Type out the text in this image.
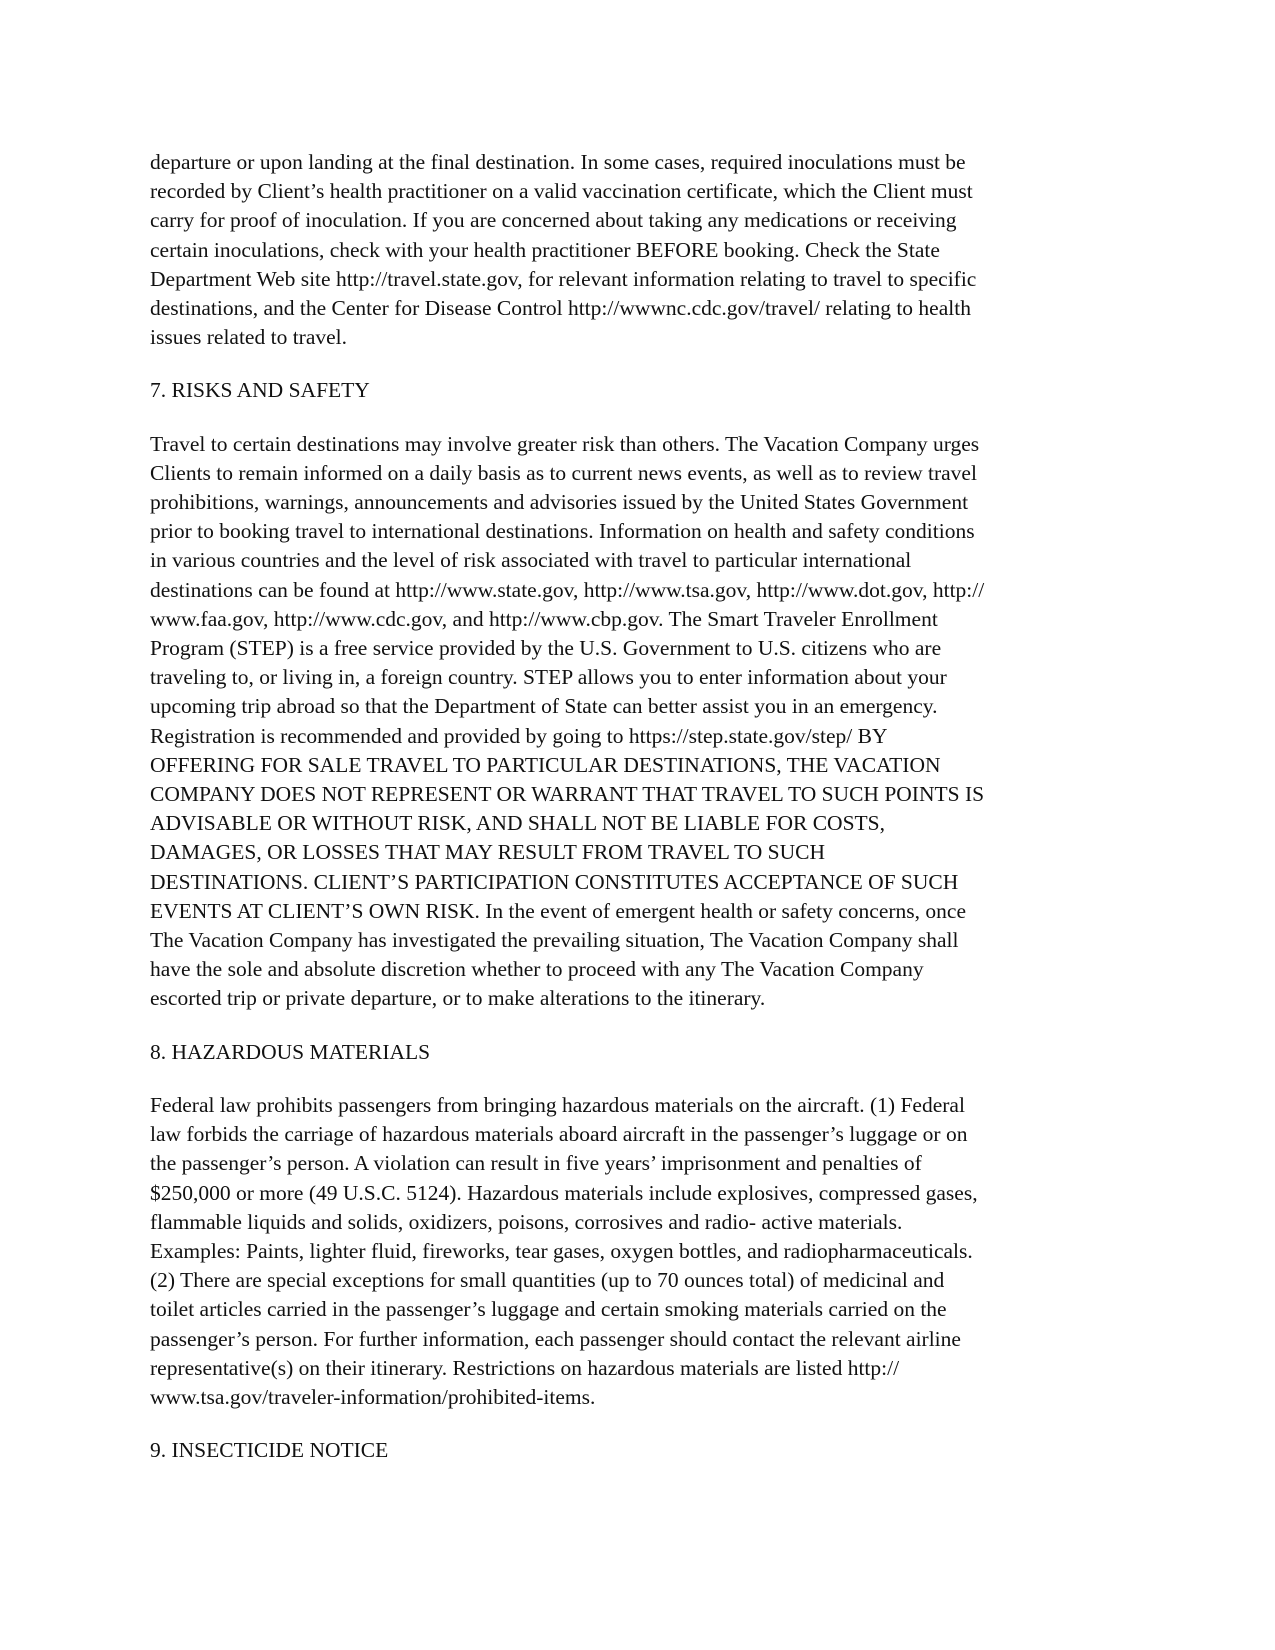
departure or upon landing at the final destination. In some cases, required inoculations must be
recorded by Client’s health practitioner on a valid vaccination certificate, which the Client must
carry for proof of inoculation. If you are concerned about taking any medications or receiving
certain inoculations, check with your health practitioner BEFORE booking. Check the State
Department Web site http://travel.state.gov, for relevant information relating to travel to specific
destinations, and the Center for Disease Control http://wwwnc.cdc.gov/travel/ relating to health
issues related to travel.
7. RISKS AND SAFETY
Travel to certain destinations may involve greater risk than others. The Vacation Company urges
Clients to remain informed on a daily basis as to current news events, as well as to review travel
prohibitions, warnings, announcements and advisories issued by the United States Government
prior to booking travel to international destinations. Information on health and safety conditions
in various countries and the level of risk associated with travel to particular international
destinations can be found at http://www.state.gov, http://www.tsa.gov, http://www.dot.gov, http://
www.faa.gov, http://www.cdc.gov, and http://www.cbp.gov. The Smart Traveler Enrollment
Program (STEP) is a free service provided by the U.S. Government to U.S. citizens who are
traveling to, or living in, a foreign country. STEP allows you to enter information about your
upcoming trip abroad so that the Department of State can better assist you in an emergency.
Registration is recommended and provided by going to https://step.state.gov/step/ BY
OFFERING FOR SALE TRAVEL TO PARTICULAR DESTINATIONS, THE VACATION
COMPANY DOES NOT REPRESENT OR WARRANT THAT TRAVEL TO SUCH POINTS IS
ADVISABLE OR WITHOUT RISK, AND SHALL NOT BE LIABLE FOR COSTS,
DAMAGES, OR LOSSES THAT MAY RESULT FROM TRAVEL TO SUCH
DESTINATIONS. CLIENT’S PARTICIPATION CONSTITUTES ACCEPTANCE OF SUCH
EVENTS AT CLIENT’S OWN RISK. In the event of emergent health or safety concerns, once
The Vacation Company has investigated the prevailing situation, The Vacation Company shall
have the sole and absolute discretion whether to proceed with any The Vacation Company
escorted trip or private departure, or to make alterations to the itinerary.
8. HAZARDOUS MATERIALS
Federal law prohibits passengers from bringing hazardous materials on the aircraft. (1) Federal
law forbids the carriage of hazardous materials aboard aircraft in the passenger’s luggage or on
the passenger’s person. A violation can result in five years’ imprisonment and penalties of
$250,000 or more (49 U.S.C. 5124). Hazardous materials include explosives, compressed gases,
flammable liquids and solids, oxidizers, poisons, corrosives and radio- active materials.
Examples: Paints, lighter fluid, fireworks, tear gases, oxygen bottles, and radiopharmaceuticals.
(2) There are special exceptions for small quantities (up to 70 ounces total) of medicinal and
toilet articles carried in the passenger’s luggage and certain smoking materials carried on the
passenger’s person. For further information, each passenger should contact the relevant airline
representative(s) on their itinerary. Restrictions on hazardous materials are listed http://
www.tsa.gov/traveler-information/prohibited-items.
9. INSECTICIDE NOTICE
